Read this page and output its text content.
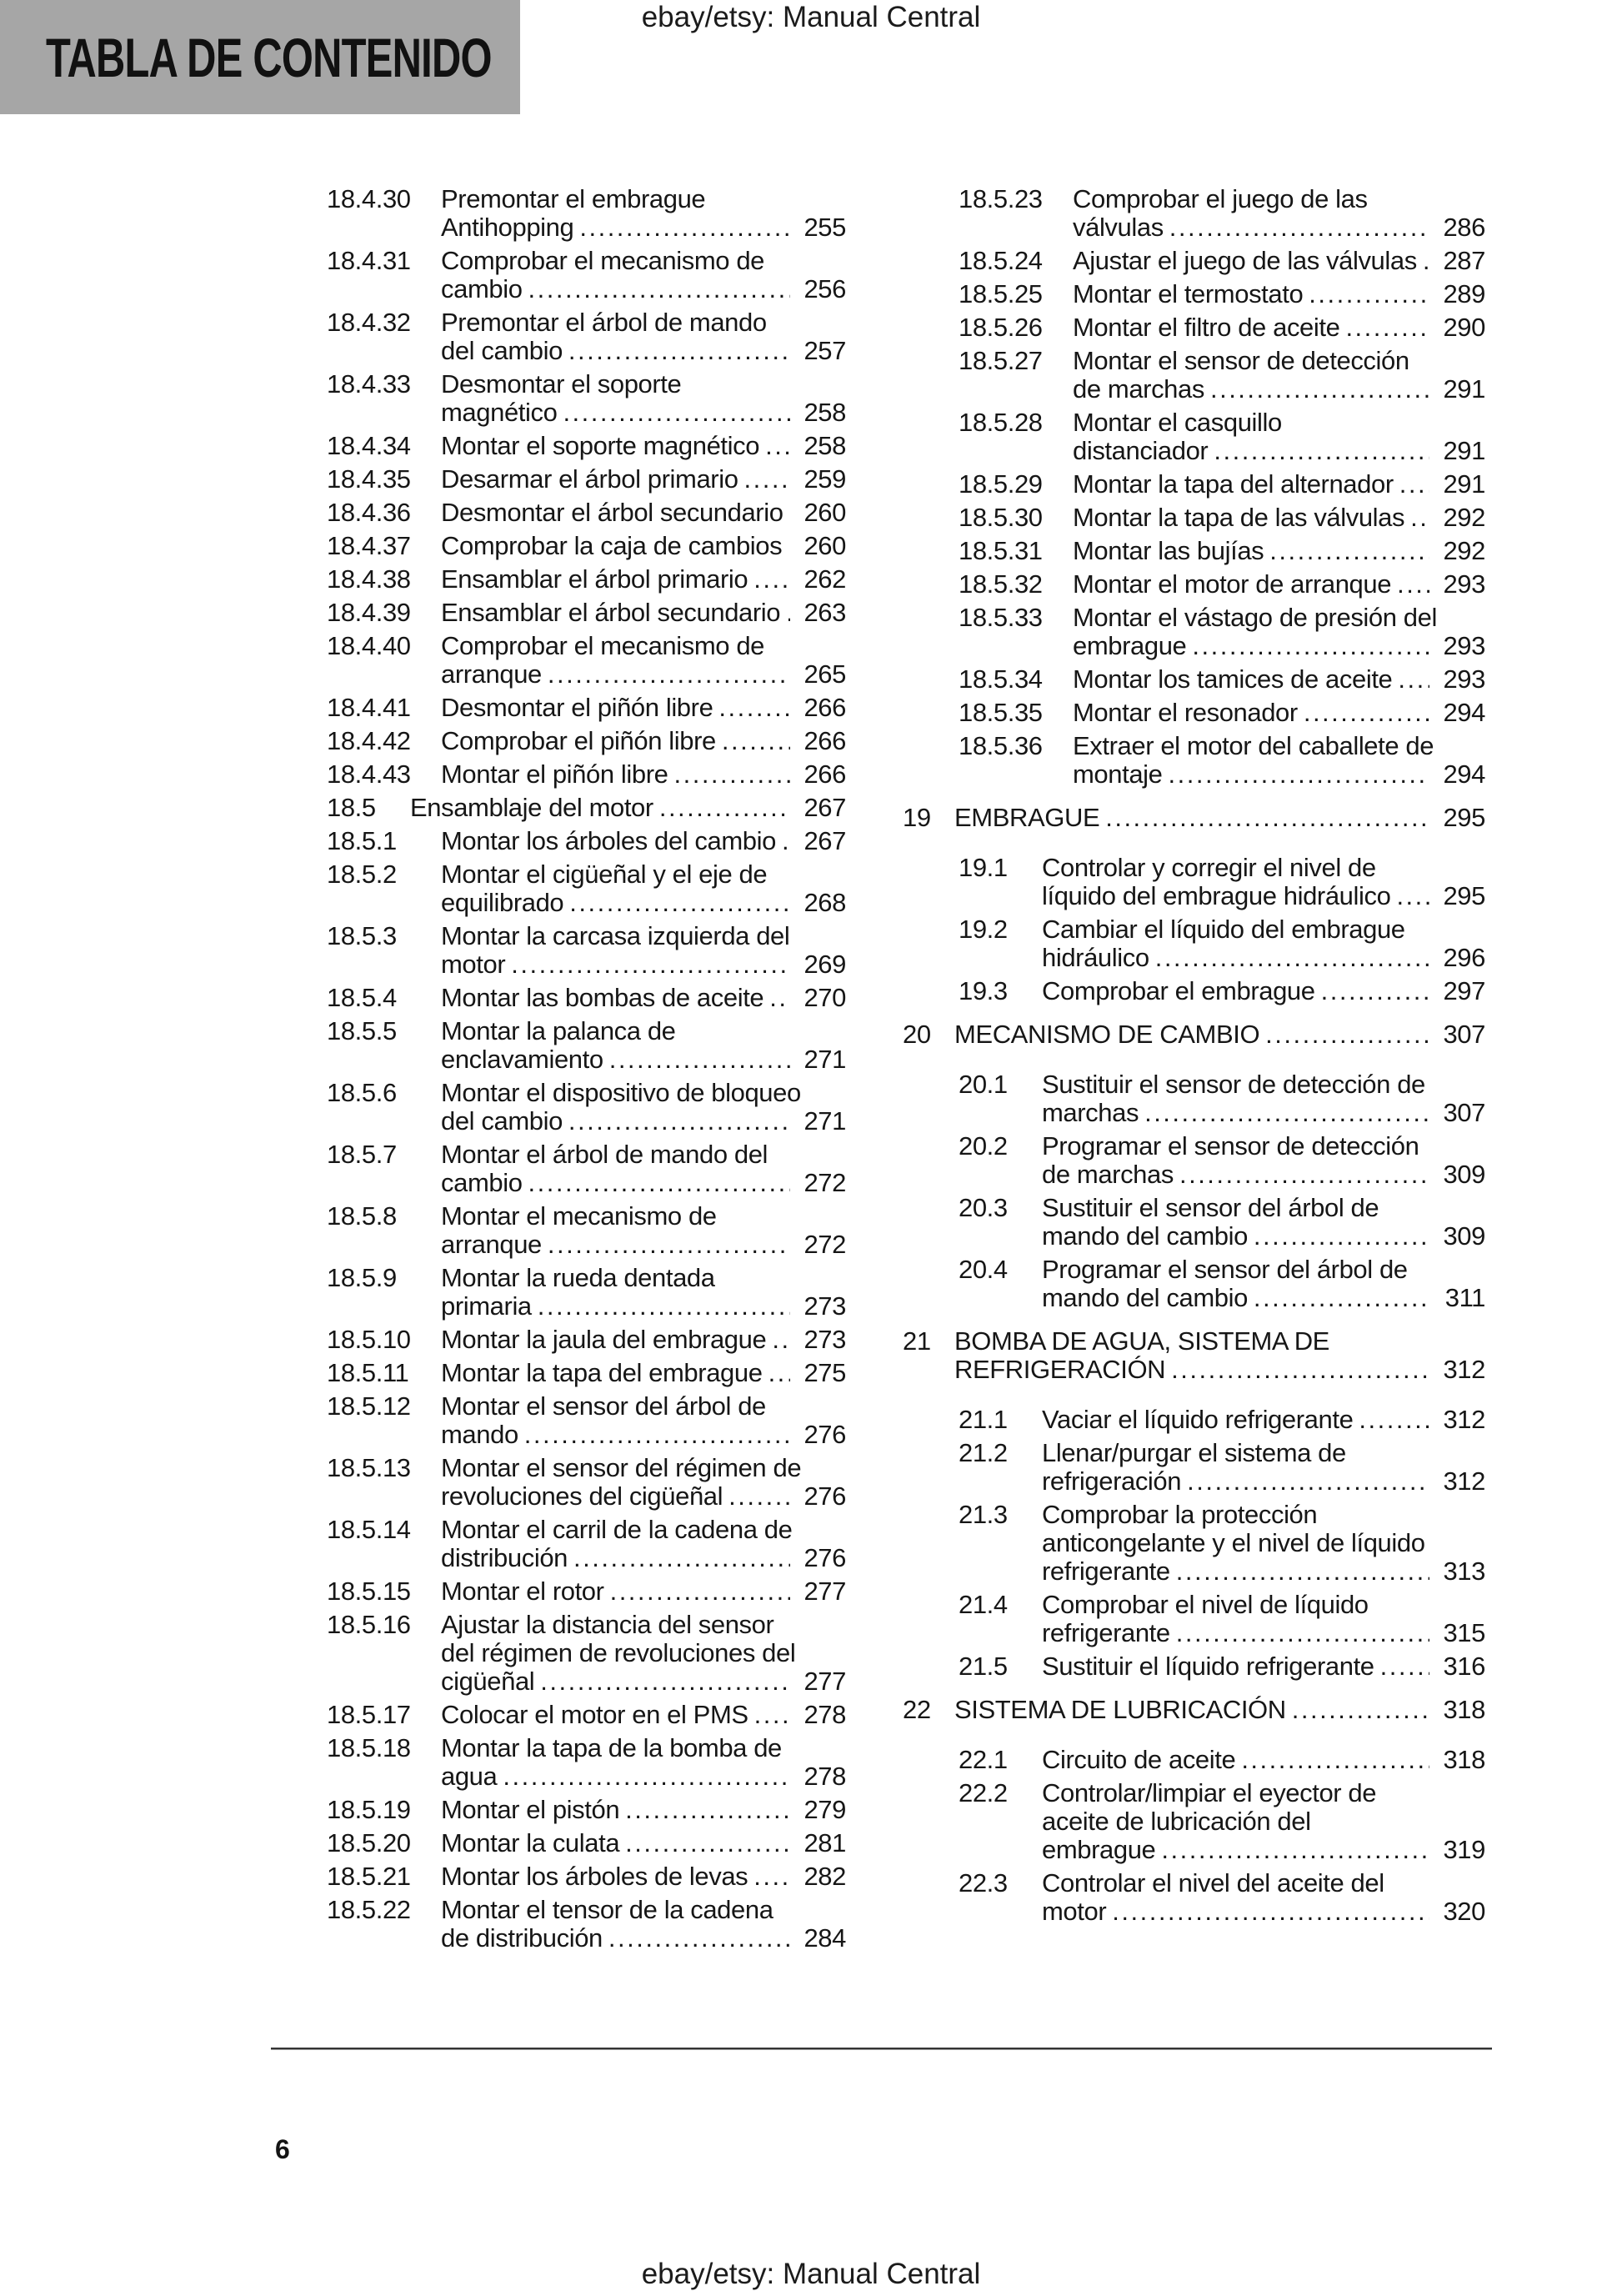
ebay/etsy: Manual Central
TABLA DE CONTENIDO
18.4.30	Premontar el embrague
Antihopping .....	255
18.4.31	Comprobar el mecanismo de
cambio .....	256
18.4.32	Premontar el árbol de mando
del cambio .....	257
18.4.33	Desmontar el soporte
magnético .....	258
18.4.34	Montar el soporte magnético ..... 258
18.4.35	Desarmar el árbol primario .....	259
18.4.36	Desmontar el árbol secundario ..... 260
18.4.37	Comprobar la caja de cambios ..... 260
18.4.38	Ensamblar el árbol primario ..... 262
18.4.39	Ensamblar el árbol secundario ..... 263
18.4.40	Comprobar el mecanismo de
arranque .....	265
18.4.41	Desmontar el piñón libre .....	266
18.4.42	Comprobar el piñón libre .....	266
18.4.43	Montar el piñón libre .....	266
18.5	Ensamblaje del motor .....	267
18.5.1	Montar los árboles del cambio ..... 267
18.5.2	Montar el cigüeñal y el eje de
equilibrado .....	268
18.5.3	Montar la carcasa izquierda del
motor .....	269
18.5.4	Montar las bombas de aceite ..... 270
18.5.5	Montar la palanca de
enclavamiento .....	271
18.5.6	Montar el dispositivo de bloqueo
del cambio .....	271
18.5.7	Montar el árbol de mando del
cambio .....	272
18.5.8	Montar el mecanismo de
arranque .....	272
18.5.9	Montar la rueda dentada
primaria .....	273
18.5.10	Montar la jaula del embrague ..... 273
18.5.11	Montar la tapa del embrague ..... 275
18.5.12	Montar el sensor del árbol de
mando .....	276
18.5.13	Montar el sensor del régimen de
revoluciones del cigüeñal .....	276
18.5.14	Montar el carril de la cadena de
distribución .....	276
18.5.15	Montar el rotor .....	277
18.5.16	Ajustar la distancia del sensor
del régimen de revoluciones del
cigüeñal .....	277
18.5.17	Colocar el motor en el PMS ..... 278
18.5.18	Montar la tapa de la bomba de
agua .....	278
18.5.19	Montar el pistón .....	279
18.5.20	Montar la culata .....	281
18.5.21	Montar los árboles de levas ..... 282
18.5.22	Montar el tensor de la cadena
de distribución .....	284
18.5.23	Comprobar el juego de las
válvulas .....	286
18.5.24	Ajustar el juego de las válvulas ..... 287
18.5.25	Montar el termostato .....	289
18.5.26	Montar el filtro de aceite .....	290
18.5.27	Montar el sensor de detección
de marchas .....	291
18.5.28	Montar el casquillo
distanciador .....	291
18.5.29	Montar la tapa del alternador ..... 291
18.5.30	Montar la tapa de las válvulas ..... 292
18.5.31	Montar las bujías .....	292
18.5.32	Montar el motor de arranque ..... 293
18.5.33	Montar el vástago de presión del
embrague .....	293
18.5.34	Montar los tamices de aceite ..... 293
18.5.35	Montar el resonador .....	294
18.5.36	Extraer el motor del caballete de
montaje .....	294
19 EMBRAGUE .....	295
19.1	Controlar y corregir el nivel de
líquido del embrague hidráulico ..... 295
19.2	Cambiar el líquido del embrague
hidráulico .....	296
19.3	Comprobar el embrague .....	297
20 MECANISMO DE CAMBIO .....	307
20.1	Sustituir el sensor de detección de
marchas .....	307
20.2	Programar el sensor de detección
de marchas .....	309
20.3	Sustituir el sensor del árbol de
mando del cambio .....	309
20.4	Programar el sensor del árbol de
mando del cambio .....	311
21 BOMBA DE AGUA, SISTEMA DE
REFRIGERACIÓN .....	312
21.1	Vaciar el líquido refrigerante .....	312
21.2	Llenar/purgar el sistema de
refrigeración .....	312
21.3	Comprobar la protección
anticongelante y el nivel de líquido
refrigerante .....	313
21.4	Comprobar el nivel de líquido
refrigerante .....	315
21.5	Sustituir el líquido refrigerante .....	316
22 SISTEMA DE LUBRICACIÓN .....	318
22.1	Circuito de aceite .....	318
22.2	Controlar/limpiar el eyector de
aceite de lubricación del
embrague .....	319
22.3	Controlar el nivel del aceite del
motor .....	320
6
ebay/etsy: Manual Central
